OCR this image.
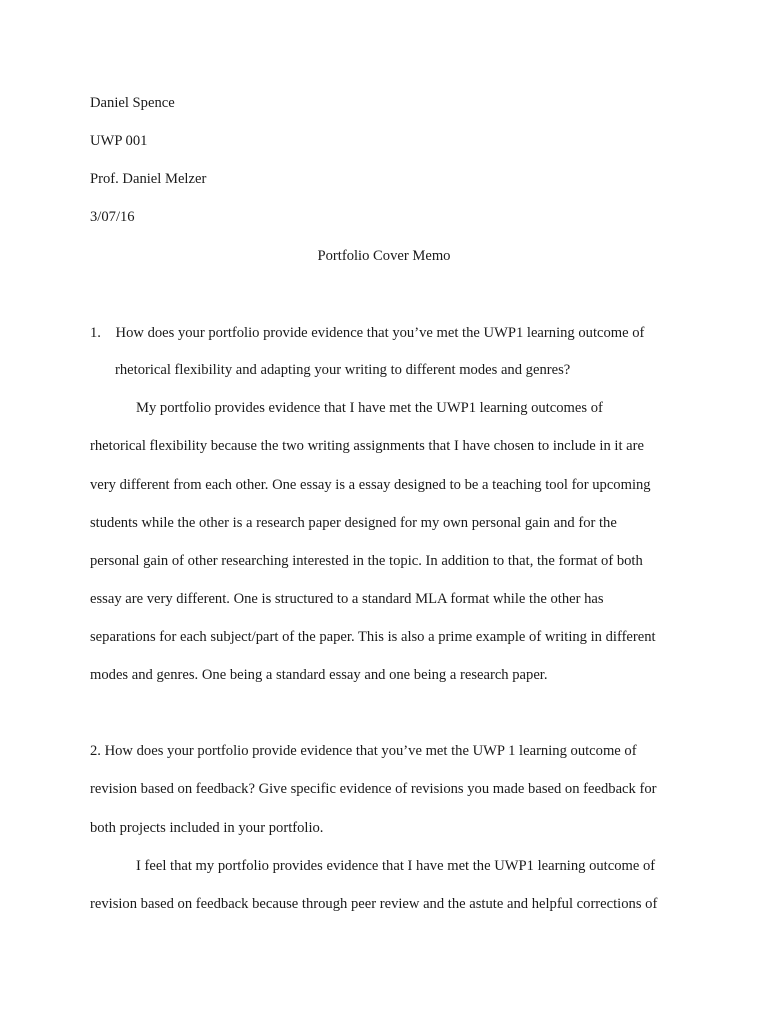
Daniel Spence
UWP 001
Prof. Daniel Melzer
3/07/16
Portfolio Cover Memo
1.    How does your portfolio provide evidence that you’ve met the UWP1 learning outcome of
rhetorical flexibility and adapting your writing to different modes and genres?
My portfolio provides evidence that I have met the UWP1 learning outcomes of
rhetorical flexibility because the two writing assignments that I have chosen to include in it are
very different from each other. One essay is a essay designed to be a teaching tool for upcoming
students while the other is a research paper designed for my own personal gain and for the
personal gain of other researching interested in the topic. In addition to that, the format of both
essay are very different. One is structured to a standard MLA format while the other has
separations for each subject/part of the paper. This is also a prime example of writing in different
modes and genres. One being a standard essay and one being a research paper.
2. How does your portfolio provide evidence that you’ve met the UWP 1 learning outcome of
revision based on feedback? Give specific evidence of revisions you made based on feedback for
both projects included in your portfolio.
I feel that my portfolio provides evidence that I have met the UWP1 learning outcome of
revision based on feedback because through peer review and the astute and helpful corrections of
